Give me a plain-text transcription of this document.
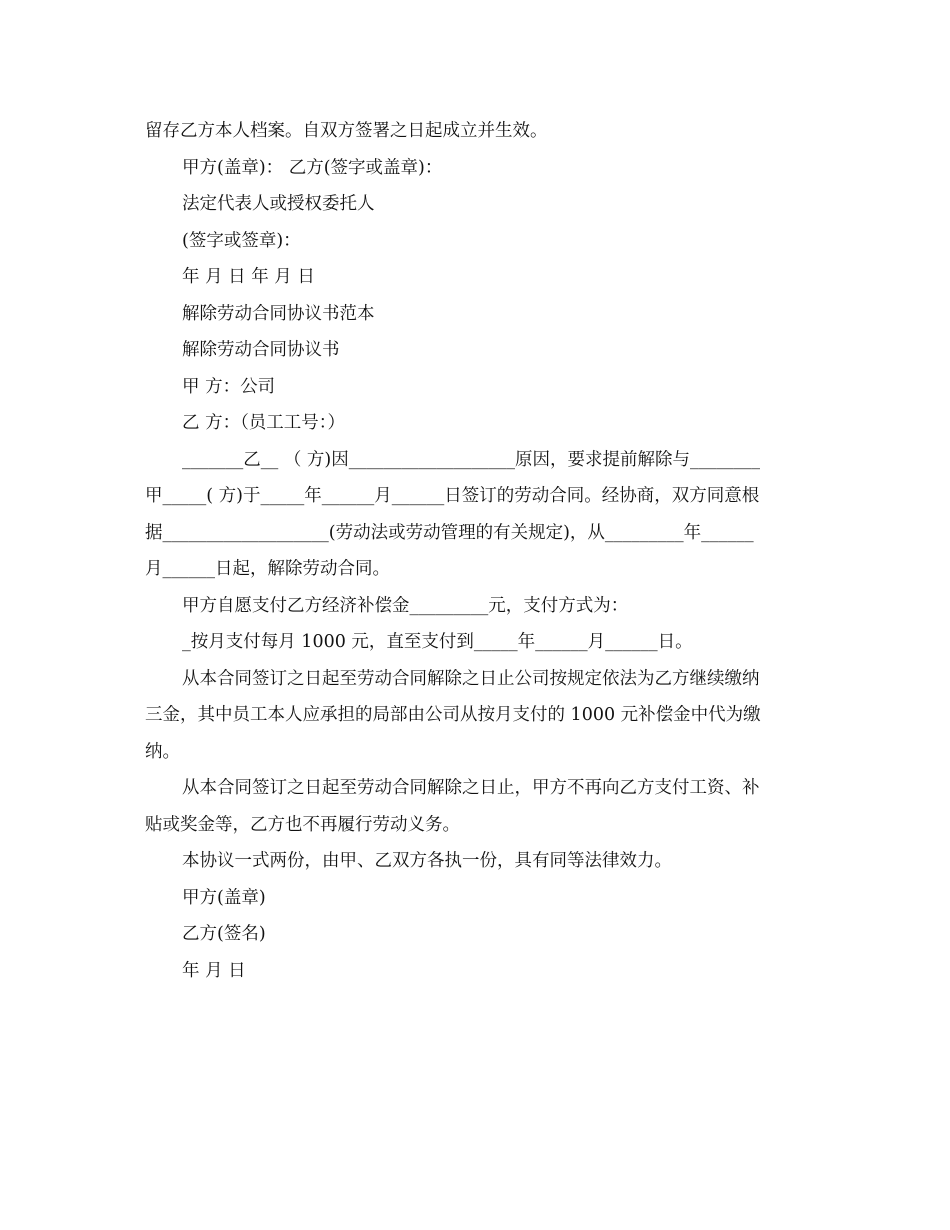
留存乙方本人档案。自双方签署之日起成立并生效。

甲方(盖章)： 乙方(签字或盖章)：

法定代表人或授权委托人

(签字或签章)：

年 月 日 年 月 日

解除劳动合同协议书范本

解除劳动合同协议书

甲 方：公司

乙 方：（员工工号：）

_______乙__ （ 方)因___________________原因，要求提前解除与________

甲_____( 方)于_____年______月______日签订的劳动合同。经协商，双方同意根

据___________________(劳动法或劳动管理的有关规定)，从_________年______

月______日起，解除劳动合同。

甲方自愿支付乙方经济补偿金_________元，支付方式为：

_按月支付每月 1000 元，直至支付到_____年______月______日。

从本合同签订之日起至劳动合同解除之日止公司按规定依法为乙方继续缴纳

三金，其中员工本人应承担的局部由公司从按月支付的 1000 元补偿金中代为缴

纳。

从本合同签订之日起至劳动合同解除之日止，甲方不再向乙方支付工资、补

贴或奖金等，乙方也不再履行劳动义务。

本协议一式两份，由甲、乙双方各执一份，具有同等法律效力。

甲方(盖章)

乙方(签名)

年 月 日
